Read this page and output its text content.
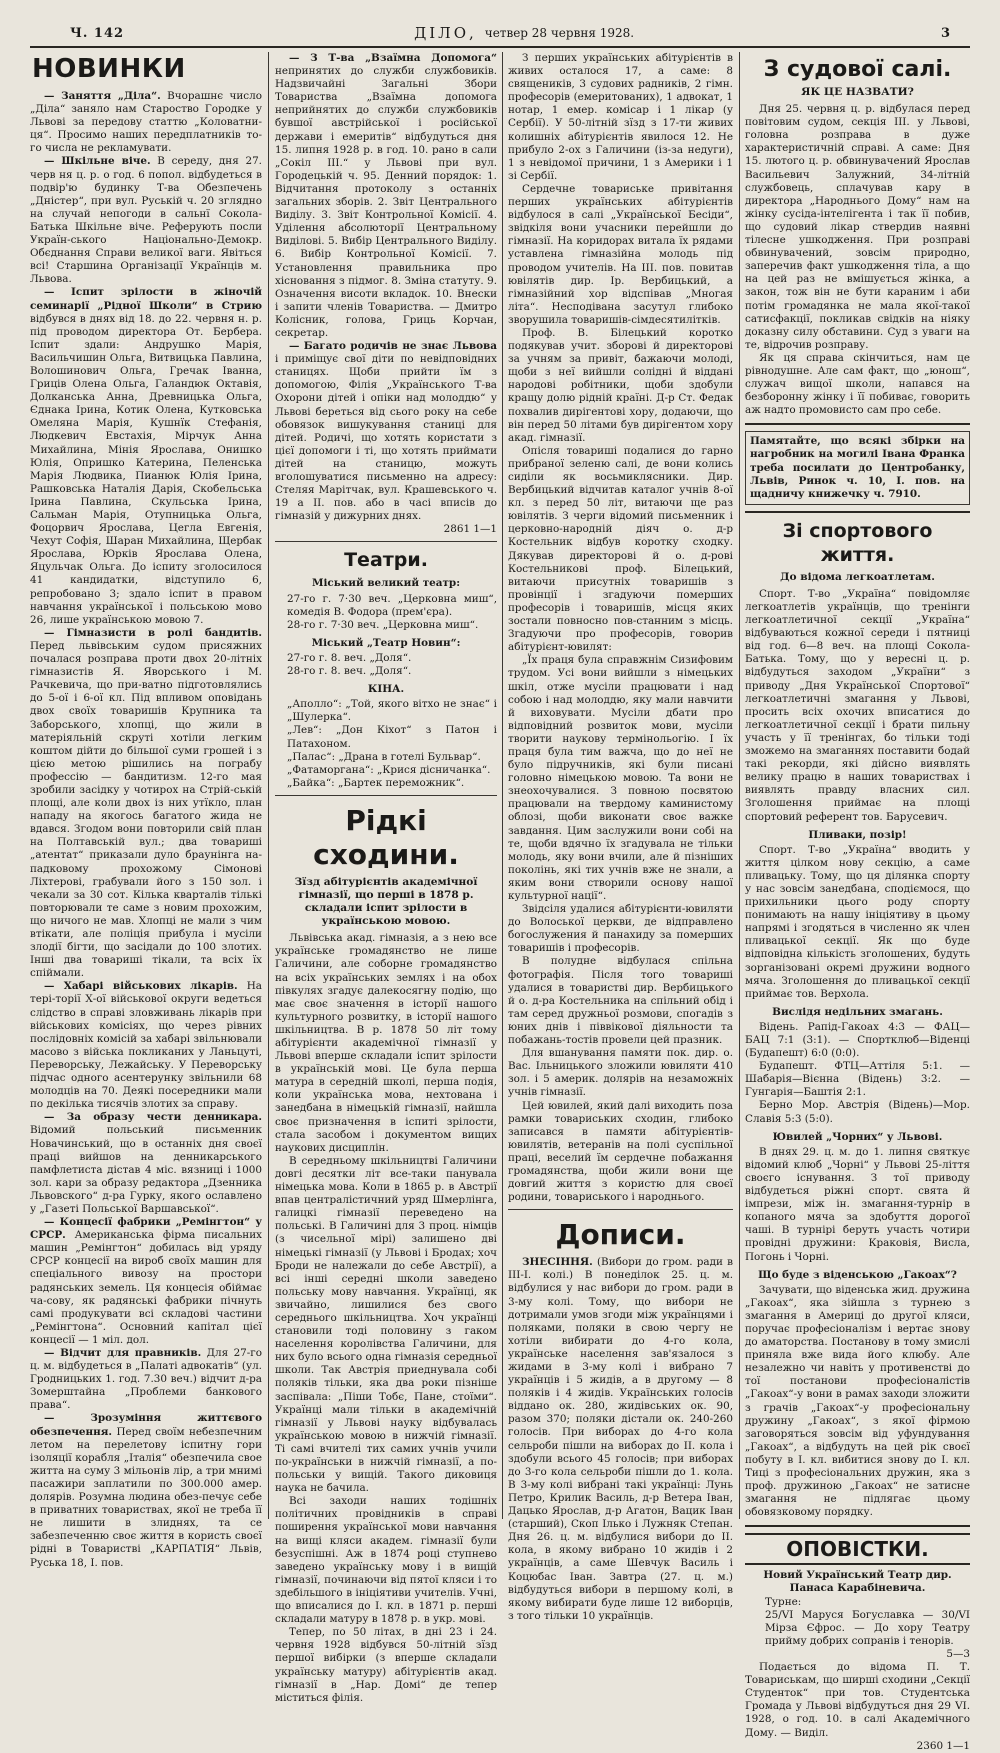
Ч. 142	ДІЛО, четвер 28 червня 1928.	3
НОВИНКИ

— Заняття „Діла“. Вчорашнє число „Діла“ заняло нам Староство Городке у Львові за передову статтю „Коловатни-ця“. Просимо наших передплатників то-го числа не рекламувати.

— Шкільне віче. В середу, дня 27. черв ня ц. р. о год. 6 попол. відбудеться в подвір'ю будинку Т-ва Обезпечень „Дністер“, при вул. Руській ч. 20 зглядно на случай непогоди в сальнї Сокола-Батька Шкільне віче. Реферують посли Україн-ського Національно-Демокр. Обєднання Справи великої ваги. Явіться всі! Старшина Організації Українців м. Львова.

— Іспит зрілости в жіночій семинарії „Рідної Школи“ в Стрию відбувся в днях від 18. до 22. червня н. р. під проводом директора От. Бербера. Іспит здали: Андрушко Марія, Васильчишин Ольга, Витвицька Павлина, Волошинович Ольга, Гречак Іванна, Гриців Олена Ольга, Галандюк Октавія, Долканська Анна, Древницька Ольга, Єднака Ірина, Котик Олена, Кутковська Омеляна Марія, Кушнїк Стефанія, Людкевич Евстахія, Мірчук Анна Михайлина, Мінія Ярослава, Онишко Юлія, Опришко Катерина, Пеленська Марія Людвика, Пианюк Юлія Ірина, Рашковська Наталія Дарія, Скобельська Ірина Павлина, Скульська Ірина, Сальман Марія, Отупницька Ольга, Фоцорвич Ярослава, Цегла Евгенія, Чехут Софія, Шаран Михайлина, Щербак Ярослава, Юрків Ярослава Олена, Яцульчак Ольга. До іспиту зголосилося 41 кандидатки, відступило 6, репробовано 3; здало іспит в правом навчання української і польською мово 26, лише українською мовою 7.

— Гімназисти в ролі бандитів. Перед львівським судом присяжних почалася розправа проти двох 20-літніх гімназистів Я. Яворського і М. Рачкевича, що при-ватно підготовлялись до 5-ої і 6-ої кл. Під впливом оповідань двох своїх товаришів Крупника та Заборського, хлопці, що жили в матеріяльній скруті хотіли легким коштом дійти до більшої суми грошей і з цією метою рішились на пограбу профессію — бандитизм. 12-го мая зробили засідку у чотирох на Стрій-ській площі, але коли двох із них утїкло, план нападу на якогось багатого жида не вдався. Згодом вони повторили свій план на Полтавській вул.; два товариші „атентат“ приказали дуло браунінга на-падковому прохожому Сімонові Ліхтерові, грабували його з 150 зол. і чекали за 30 сот. Кілька кварталів тількі повторювали те саме з новим прохожим, що ничого не мав. Хлопці не мали з чим втікати, але поліція прибула і мусіли злодії бігти, що засідали до 100 злотих. Інші два товариші тікали, та всіх їх спіймали.

— Хабарі військових лікарів. На тері-торії Х-ої військової округи ведеться слідство в справі зловживань лікарів при військових комісіях, що через рівних послідовніх комісій за хабарі звільнювали масово з війська покликаних у Ланьцуті, Переворську, Лежайську. У Переворську підчас одного асентерунку звільнили 68 молодців на 70. Деякі посередники мали по декілька тисячів злотих за справу.

— За образу чести денникара. Відомий польський письменник Новачинський, що в останніх дня своєї праці вийшов на денникарського памфлетиста дістав 4 міс. вязниці і 1000 зол. кари за образу редактора „Дзенника Львовского“ д-ра Гурку, якого ославлено у „Газеті Польської Варшавської“.

— Концесії фабрики „Ремінгтон“ у СРСР. Американська фірма писальних машин „Ремінгтон“ добилась від уряду СРСР концесії на вироб своїх машин для спеціального вивозу на простори радянських земель. Ця концесія обіймає ча-сову, як радянські фабрики пічнуть самі продукувати всі складові частини „Ремінгтона“. Основний капітал цієї концесії — 1 міл. дол.

— Відчит для правників. Для 27-го ц. м. відбудеться в „Палаті адвокатів“ (ул. Гродницьких 1. год. 7.30 веч.) відчит д-ра Зомерштайна „Проблеми банкового права“.

— Зрозуміння життєвого обезпечення. Перед своїм небезпечним летом на перелетову іспитну гори ізоляції корабля „Італія“ обезпечила свое житта на суму 3 мільонів лір, а три мнимі пасажири заплатили по 300.000 амер. долярів. Розумна людина обез-печує себе в приватних товариствах, якої не треба її не лишити в злиднях, та се забезпеченню своє життя в користь своєї рідні в Товаристві „КАРПАТІЯ“ Львів, Руська 18, І. пов.

— З Т-ва „Взаїмна Допомога“ непринятих до служби службовиків. Надзвичайні Загальні Збори Товариства „Взаїмна допомога неприйнятих до служби службовиків бувшої австрійської і російської держави і емеритів“ відбудуться дня 15. липня 1928 р. в год. 10. рано в сали „Сокіл ІІІ.“ у Львові при вул. Городецькій ч. 95. Денний порядок: 1. Відчитання протоколу з останніх загальних зборів. 2. Звіт Центрального Виділу. 3. Звіт Контрольної Комісії. 4. Уділення абсолюторії Центральному Виділові. 5. Вибір Центрального Виділу. 6. Вибір Контрольної Комісії. 7. Установлення правильника про хісновання з підмог. 8. Зміна статуту. 9. Означення висоти вкладок. 10. Внески і запити членів Товариства. — Дмитро Колісник, голова, Гриць Корчан, секретар.

— Багато родичів не знає Львова і приміщує свої діти по невідповідних станицях. Щоби прийти їм з допомогою, Філія „Українського Т-ва Охорони дітей і опіки над молоддю“ у Львові береться від сього року на себе обовязок вишукування станиці для дітей. Родичі, що хотять користати з цієї допомоги і ті, що хотять приймати дітей на станицю, можуть вголошуватися письменно на адресу: Стеляя Марітчак, вул. Крашевського ч. 19 а ІІ. пов. або в часі вписів до гімназій у дижурних днях.

2861 1—1
Театри.
Міський великий театр:

27-го г. 7·30 веч. „Церковна миш“, комедія В. Фодора (прем'єра).

28-го г. 7·30 веч. „Церковна миш“.

Міський „Театр Новин“:

27-го г. 8. веч. „Доля“.

28-го г. 8. веч. „Доля“.

КІНА.

„Аполло“: „Той, якого вітхо не знає“ і „Шулерка“.

„Лев“: „Дон Кіхот“ з Патон і Патахоном.

„Палас“: „Драна в готелі Бульвар“.

„Фатаморгана“: „Крися дісничанка“.

„Байка“: „Бартек переможник“.

Рідкі сходини.
Зїзд абітурієнтів академічної гімназії, що перші в 1878 р. складали іспит зрілости в українською мовою.

Львівська акад. гімназія, а з нею все українське громадянство не лише Галичини, але соборне громадянство на всіх українських землях і на обох півкулях згадує далекосягну подію, що має своє значення в історії нашого культурного розвитку, в історії нашого шкільництва. В р. 1878 50 літ тому абітурієнти академічної гімназії у Львові вперше складали іспит зрілости в українській мові. Це була перша матура в середній школі, перша подія, коли українська мова, нехтована і занедбана в німецькій гімназії, найшла своє призначення в іспиті зрілости, стала засобом і документом вищих наукових дисциплін.

В середньому шкільництві Галичини довгі десятки літ все-таки панувала німецька мова. Коли в 1865 р. в Австрії впав централістичний уряд Шмерлінга, галицкі гімназії переведено на польські. В Галичині для 3 проц. німців (з чисельної мірі) залишено дві німецькі гімназії (у Львові і Бродах; хоч Броди не належали до себе Австрії), а всі інші середні школи заведено польську мову навчання. Українці, як звичайно, лишилися без свого середнього шкільництва. Хоч українці становили тоді половину з гаком населення королівства Галичини, для них було всього одна гімназія середньої школи. Так Австрія приеднувала собі поляків тільки, яка два роки пізніше заспівала: „Піши Тобє, Пане, стоїми“. Українці мали тільки в академічній гімназії у Львові науку відбувалась українською мовою в нижчій гімназії. Ті самі вчителі тих самих учнів учили по-українськи в нижчій гімназії, а по-польськи у вищій. Такого диковиця наука не бачила.

Всі заходи наших тодішніх політичних провідників в справі поширення української мови навчання на вищі кляси академ. гімназії були безуспішні. Аж в 1874 році ступнево заведено українську мову і в вищій гімназії, починаючи від пятої кляси і то здебільшого в ініціятиви учителів. Учні, що вписалися до І. кл. в 1871 р. перші складали матуру в 1878 р. в укр. мові.

Тепер, по 50 літах, в дні 23 і 24. червня 1928 відбувся 50-літній зїзд першої вибірки (з вперше складали українську матуру) абітурієнтів акад. гімназії в „Нар. Домі“ де тепер міститься філія.

З перших українських абітурієнтів в живих осталося 17, а саме: 8 священиків, 3 судових радників, 2 гімн. професорів (емеритованих), 1 адвокат, 1 нотар, 1 емер. комісар і 1 лікар (у Сербії). У 50-літній зїзд з 17-ти живих колишніх абітурієнтів явилося 12. Не прибуло 2-ох з Галичини (із-за недуги), 1 з невідомої причини, 1 з Америки і 1 зі Сербії.

Сердечне товариське привітання перших українських абітурієнтів відбулося в салі „Української Бесіди“, звідкіля вони учасники перейшли до гімназії. На коридорах витала їх рядами уставлена гімназійна молодь під проводом учителів. На ІІІ. пов. повитав ювілятів дир. Ір. Вербицький, а гімназійний хор відспівав „Многая літа“. Несподівана засутул глибоко зворушила товаришів-сімдесятилітків.

Проф. В. Білецький коротко подякував учит. зборові й директорові за учням за привіт, бажаючи молоді, щоби з неї вийшли солідні й віддані народові робітники, щоби здобули кращу долю рідній країні. Д-р Ст. Федак похвалив дирігентові хору, додаючи, що він перед 50 літами був дирігентом хору акад. гімназії.

Опісля товариші подалися до гарно прибраної зеленю салі, де вони колись сиділи як восьмиклясники. Дир. Вербицький відчитав каталог учнів 8-ої кл. з перед 50 літ, витаючи ще раз ювілятів. З черги відомий письменник і церковно-народній діяч о. д-р Костельник відбув коротку сходку. Дякував директорові й о. д-рові Костельникові проф. Білецький, витаючи присутніх товаришів з провінції і згадуючи померших професорів і товаришів, місця яких зостали повносно пов-станним з місць. Згадуючи про професорів, говорив абітурієнт-ювилят:

„Їх праця була справжнім Сизифовим трудом. Усі вони вийшли з німецьких шкіл, отже мусіли працювати і над собою і над молоддю, яку мали навчити й виховувати. Мусіли дбати про відповідний розвиток мови, мусіли творити наукову термінольогію. І їх праця була тим важча, що до неї не було підручників, які були писані головно німецькою мовою. Та вони не знеохочувалися. З повною посвятою працювали на твердому каминистому облозі, щоби виконати своє важке завдання. Цим заслужили вони собі на те, щоби вдячно їх згадувала не тільки молодь, яку вони вчили, але й пізніших поколінь, які тих учнів вже не знали, а яким вони створили основу нашої культурної нації“.

Звідсіля удалися абітурієнти-ювиляти до Волоської церкви, де відправлено богослужения й панахиду за померших товаришів і професорів.

В полудне відбулася спільна фотографія. Після того товариші удалися в товаристві дир. Вербицького й о. д-ра Костельника на спільний обід і там серед дружньої розмови, спогадів з юних днів і піввікової діяльности та побажань-тостів провели цей празник.

Для вшанування памяти пок. дир. о. Вас. Ільницького зложили ювиляти 410 зол. і 5 америк. долярів на незаможніх учнів гімназії.

Цей ювилей, який далі виходить поза рамки товариських сходин, глибоко записався в памяти абітурієнтів-ювилятів, ветеранів на полі суспільної праці, веселий їм сердечне побажання громадянства, щоби жили вони ще довгий життя з користю для своєї родини, товариського і народнього.

Дописи.

ЗНЕСІННЯ. (Вибори до гром. ради в ІІІ-І. колі.) В понеділок 25. ц. м. відбулися у нас вибори до гром. ради в 3-му колі. Тому, що вибори не дотримали умов згоди між українцями і поляками, поляки в свою чергу не хотіли вибирати до 4-го кола, українське населення зав'язалося з жидами в 3-му колі і вибрано 7 українців і 5 жидів, а в другому — 8 поляків і 4 жидів. Українських голосів віддано ок. 280, жидівських ок. 90, разом 370; поляки дістали ок. 240-260 голосів. При виборах до 4-го кола сельроби пішли на виборах до ІІ. кола і здобули всього 45 голосів; при виборах до 3-го кола сельроби пішли до 1. кола. В 3-му колі вибрані такі українці: Лунь Петро, Крилик Василь, д-р Ветера Іван, Дацько Ярослав, д-р Агатон, Вацик Іван (старший), Скоп Ілько і Лужняк Степан. Дня 26. ц. м. відбулися вибори до ІІ. кола, в якому вибрано 10 жидів і 2 українців, а саме Шевчук Василь і Коцюбас Іван. Завтра (27. ц. м.) відбудуться вибори в першому колі, в якому вибирати буде лише 12 виборців, з того тільки 10 українців.

З судової салі.
ЯК ЦЕ НАЗВАТИ?

Дня 25. червня ц. р. відбулася перед повітовим судом, секція ІІІ. у Львові, головна розправа в дуже характеристичній справі. А саме: Дня 15. лютого ц. р. обвинувачений Ярослав Васильевич Залужний, 34-літній службовець, сплачував кару в директора „Народнього Дому“ нам на жінку сусіда-інтелігента і так її побив, що судовий лікар ствердив наявні тілесне ушкодження. При розправі обвинувачений, зовсім природно, заперечив факт ушкодження тіла, а що на цей раз не вмішується жінка, а закон, тож він не бути караним і аби потім громадянка не мала якої-такої сатисфакції, покликав свідків на ніяку доказну силу обставини. Суд з уваги на те, відрочив розправу.

Як ця справа скінчиться, нам це рівнодушне. Але сам факт, що „юнош“, служач вищої школи, напався на безборонну жінку і її побиває, говорить аж надто промовисто сам про себе.

Памятайте, що всякі збірки на нагробник на могилі Івана Франка треба посилати до Центробанку, Львів, Ринок ч. 10, І. пов. на щадничу книжечку ч. 7910.
Зі спортового життя.
До відома легкоатлетам.

Спорт. Т-во „Україна“ повідомляє легкоатлетів українців, що тренінги легкоатлетичної секції „Україна“ відбуваються кожної середи і пятниці від год. 6—8 веч. на площі Сокола-Батька. Тому, що у вересні ц. р. відбудуться заходом „України“ з приводу „Дня Української Спортової“ легкоатлетичні змагання у Львові, просить всіх охочих вписатися до легкоатлетичної секції і брати пильну участь у її тренінгах, бо тільки тоді зможемо на змаганнях поставити бодай такі рекорди, які дійсно виявлять велику працю в наших товариствах і виявлять правду власних сил. Зголошення приймає на площі спортовий референт тов. Барусевич.

Пливаки, позір!

Спорт. Т-во „Україна“ вводить у життя цілком нову секцію, а саме пливацьку. Тому, що ця ділянка спорту у нас зовсім занедбана, сподіємося, що прихильники цього роду спорту понимають на нашу ініціятиву в цьому напрямі і згодяться в численно як член пливацької секції. Як що буде відповідна кількість зголошених, будуть зорганізовані окремі дружини водного мяча. Зголошення до пливацької секції приймає тов. Верхола.

Вислідя недільних змагань.

Відень. Рапід-Гакоах 4:3 — ФАЦ—БАЦ 7:1 (3:1). — Спортклюб—Віденці (Будапешт) 6:0 (0:0).

Будапешт. ФТЦ—Аттіля 5:1. — Шабарія—Вієнна (Відень) 3:2. — Гунгарія—Баштія 2:1.

Берно Мор. Австрія (Відень)—Мор. Славія 5:3 (5:0).

Ювилей „Чорних“ у Львові.

В днях 29. ц. м. до 1. липня святкує відомий клюб „Чорні“ у Львові 25-ліття своєго існування. З тої приводу відбудеться ріжні спорт. свята й імпрези, між ін. змагання-турнір в копаного мяча за здобуття дорогої чаші. В турнірі беруть участь чотири провідні дружини: Краковія, Висла, Погонь і Чорні.

Що буде з віденською „Гакоах“?

Зачувати, що віденська жид. дружина „Гакоах“, яка зійшла з турнею з змагання в Америці до другої кляси, поручає професіоналізм і вертає знову до аматорства. Постанову в тому змислі приняла вже вида його клюбу. Але незалежно чи навіть у противенстві до тої постанови професіоналістів „Гакоах“-у вони в рамах заходи зложити з грачів „Гакоах“-у професіональну дружину „Гакоах“, з якої фірмою заговоряться зовсім від уфундування „Гакоах“, а відбудуть на цей рік своєї побуту в І. кл. вибитися знову до І. кл. Тиці з професіональних дружин, яка з проф. дружиною „Гакоах“ не затисне змагання не підлягає цьому обовязковому порядку.

ОПОВІСТКИ.

Новий Український Театр дир. Панаса Карабіневича.

Турне:

25/VI Маруся Богуславка — 30/VI Мірза Єфрос. — До хору Театру прийму добрих сопранів і тенорів.

5—3

Подається до відома П. Т. Товариськам, що ширші сходини „Секції Студенток“ при тов. Студентська Громада у Львові відбудуться дня 29 VI. 1928, о год. 10. в салі Академічного Дому. — Виділ.

2360 1—1
